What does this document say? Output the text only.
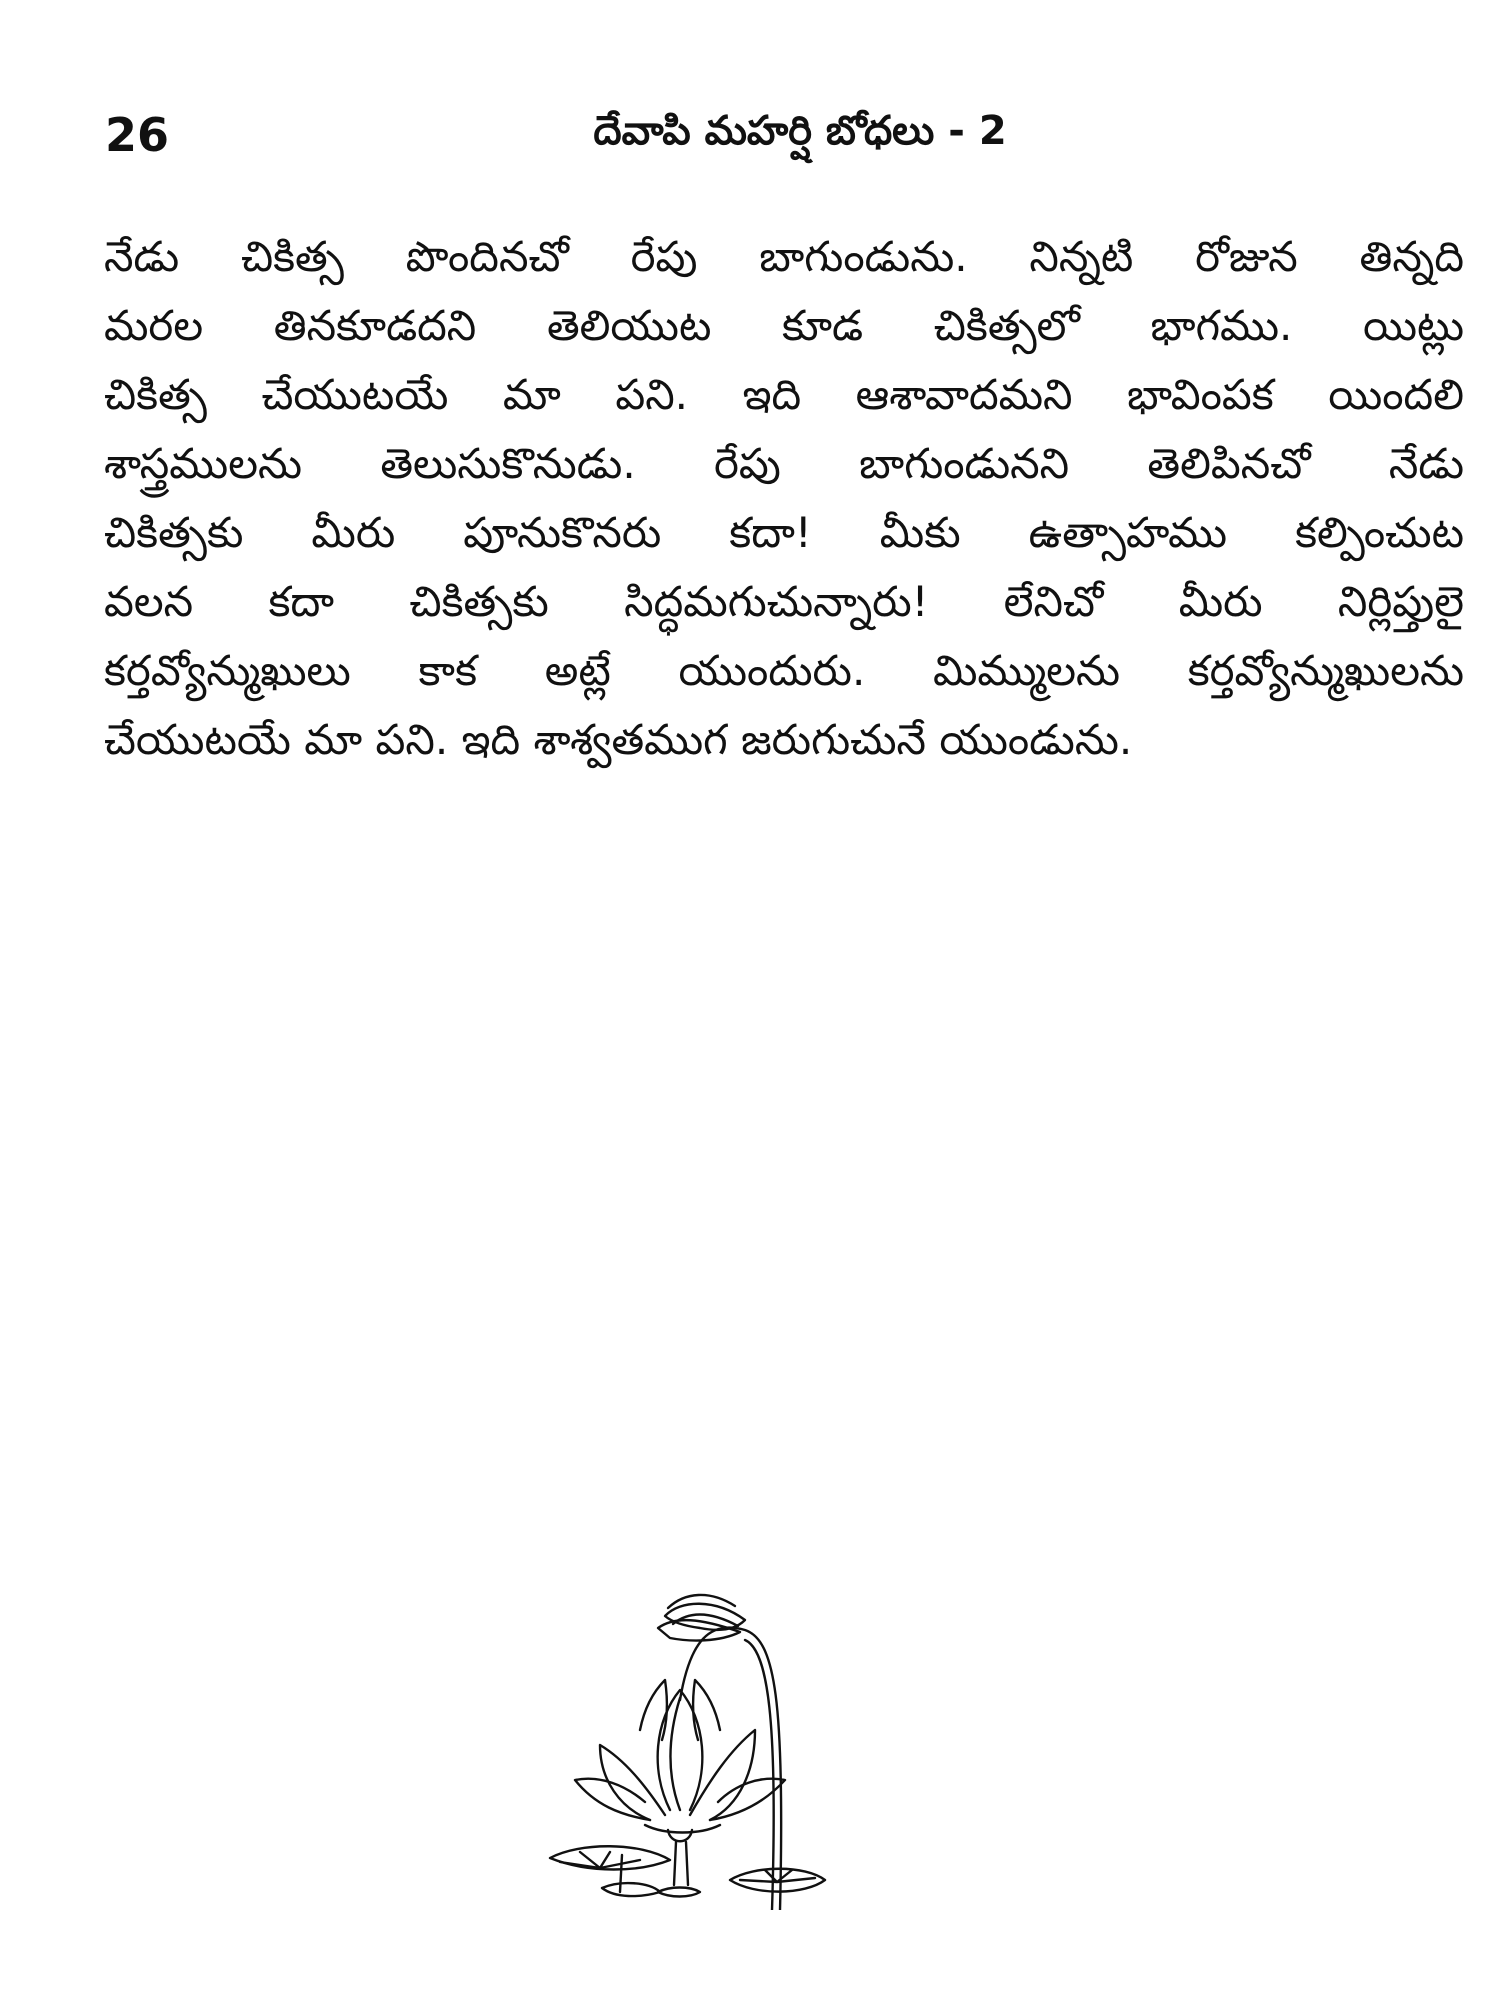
26	దేవాపి మహర్షి బోధలు - 2
నేడు చికిత్స పొందినచో రేపు బాగుండును. నిన్నటి రోజున తిన్నది
మరల తినకూడదని తెలియుట కూడ చికిత్సలో భాగము. యిట్లు
చికిత్స చేయుటయే మా పని. ఇది ఆశావాదమని భావింపక యిందలి
శాస్త్రములను తెలుసుకొనుడు. రేపు బాగుండునని తెలిపినచో నేడు
చికిత్సకు మీరు పూనుకొనరు కదా! మీకు ఉత్సాహము కల్పించుట
వలన కదా చికిత్సకు సిద్ధమగుచున్నారు! లేనిచో మీరు నిర్లిప్తులై
కర్తవ్యోన్ముఖులు కాక అట్లే యుందురు. మిమ్ములను కర్తవ్యోన్ముఖులను
చేయుటయే మా పని. ఇది శాశ్వతముగ జరుగుచునే యుండును.
